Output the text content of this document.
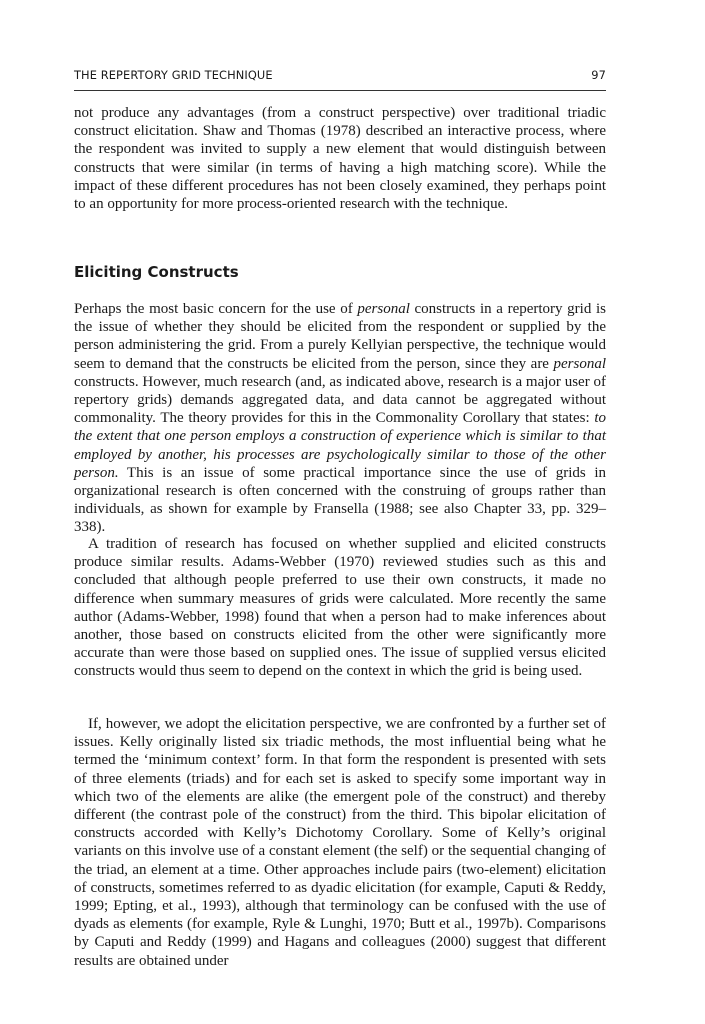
THE REPERTORY GRID TECHNIQUE	97

not produce any advantages (from a construct perspective) over traditional triadic construct elicitation. Shaw and Thomas (1978) described an interactive process, where the respondent was invited to supply a new element that would distinguish between constructs that were similar (in terms of having a high matching score). While the impact of these different procedures has not been closely examined, they perhaps point to an opportunity for more process-oriented research with the technique.

Eliciting Constructs

Perhaps the most basic concern for the use of personal constructs in a repertory grid is the issue of whether they should be elicited from the respondent or supplied by the person administering the grid. From a purely Kellyian perspective, the technique would seem to demand that the constructs be elicited from the person, since they are personal constructs. However, much research (and, as indicated above, research is a major user of repertory grids) demands aggregated data, and data cannot be aggregated without commonality. The theory provides for this in the Commonality Corollary that states: to the extent that one person employs a construction of experience which is similar to that employed by another, his processes are psychologically similar to those of the other person. This is an issue of some practical importance since the use of grids in organizational research is often concerned with the construing of groups rather than individuals, as shown for example by Fransella (1988; see also Chapter 33, pp. 329–338).

A tradition of research has focused on whether supplied and elicited constructs produce similar results. Adams-Webber (1970) reviewed studies such as this and concluded that although people preferred to use their own constructs, it made no difference when summary measures of grids were calculated. More recently the same author (Adams-Webber, 1998) found that when a person had to make inferences about another, those based on constructs elicited from the other were significantly more accurate than were those based on supplied ones. The issue of supplied versus elicited constructs would thus seem to depend on the context in which the grid is being used.

If, however, we adopt the elicitation perspective, we are confronted by a further set of issues. Kelly originally listed six triadic methods, the most influential being what he termed the ‘minimum context’ form. In that form the respondent is presented with sets of three elements (triads) and for each set is asked to specify some important way in which two of the elements are alike (the emergent pole of the construct) and thereby different (the contrast pole of the construct) from the third. This bipolar elicitation of constructs accorded with Kelly’s Dichotomy Corollary. Some of Kelly’s original variants on this involve use of a constant element (the self) or the sequential changing of the triad, an element at a time. Other approaches include pairs (two-element) elicitation of constructs, sometimes referred to as dyadic elicitation (for example, Caputi & Reddy, 1999; Epting, et al., 1993), although that terminology can be confused with the use of dyads as elements (for example, Ryle & Lunghi, 1970; Butt et al., 1997b). Comparisons by Caputi and Reddy (1999) and Hagans and colleagues (2000) suggest that different results are obtained under
